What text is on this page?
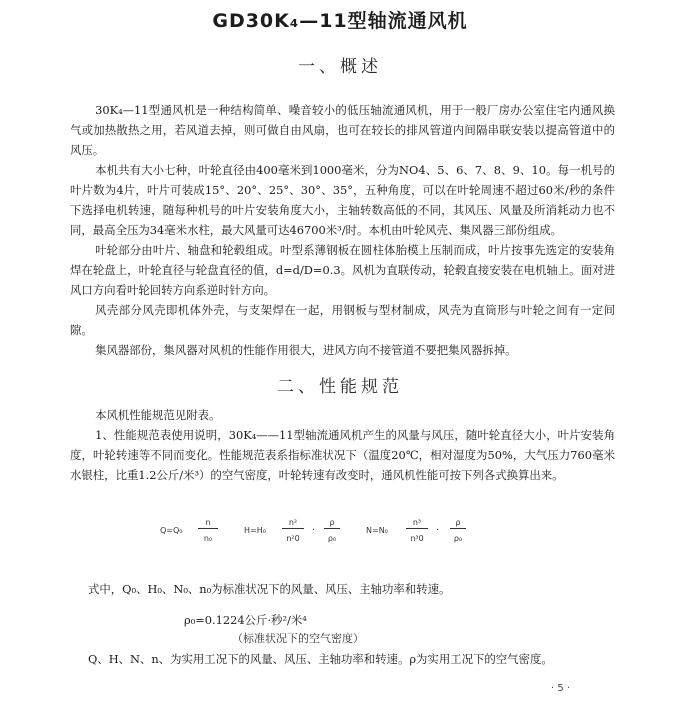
GD30K₄—11型轴流通风机
一、概述

30K₄—11型通风机是一种结构简单、噪音较小的低压轴流通风机，用于一般厂房办公室住宅内通风换气或加热散热之用，若风道去掉，则可做自由风扇，也可在较长的排风管道内间隔串联安装以提高管道中的风压。

本机共有大小七种，叶轮直径由400毫米到1000毫米，分为NO4、5、6、7、8、9、10。每一机号的叶片数为4片，叶片可装成15°、20°、25°、30°、35°，五种角度，可以在叶轮周速不超过60米/秒的条件下选择电机转速，随每种机号的叶片安装角度大小，主轴转数高低的不同，其风压、风量及所消耗动力也不同，最高全压为34毫米水柱，最大风量可达46700米³/时。本机由叶轮风壳、集风器三部份组成。

叶轮部分由叶片、轴盘和轮毂组成。叶型系薄钢板在圆柱体胎模上压制而成，叶片按事先选定的安装角焊在轮盘上，叶轮直径与轮盘直径的值，d=d/D=0.3。风机为直联传动，轮毂直接安装在电机轴上。面对进风口方向看叶轮回转方向系逆时针方向。

风壳部分风壳即机体外壳，与支架焊在一起，用钢板与型材制成，风壳为直筒形与叶轮之间有一定间隙。

集风器部份，集风器对风机的性能作用很大，进风方向不接管道不要把集风器拆掉。

二、性能规范

本风机性能规范见附表。

1、性能规范表使用说明，30K₄——11型轴流通风机产生的风量与风压，随叶轮直径大小，叶片安装角度，叶轮转速等不同而变化。性能规范表系指标准状况下（温度20℃，相对湿度为50%，大气压力760毫米水银柱，比重1.2公斤/米³）的空气密度，叶轮转速有改变时，通风机性能可按下列各式换算出来。

Q=Q₀
n
n₀
H=H₀
n²
n²0
·
ρ
ρ₀
N=N₀
n³
n³0
·
ρ
ρ₀
式中，Q₀、H₀、N₀、n₀为标准状况下的风量、风压、主轴功率和转速。
ρ₀=0.1224公斤·秒²/米⁴
（标准状况下的空气密度）
Q、H、N、n、为实用工况下的风量、风压、主轴功率和转速。ρ为实用工况下的空气密度。
· 5 ·
